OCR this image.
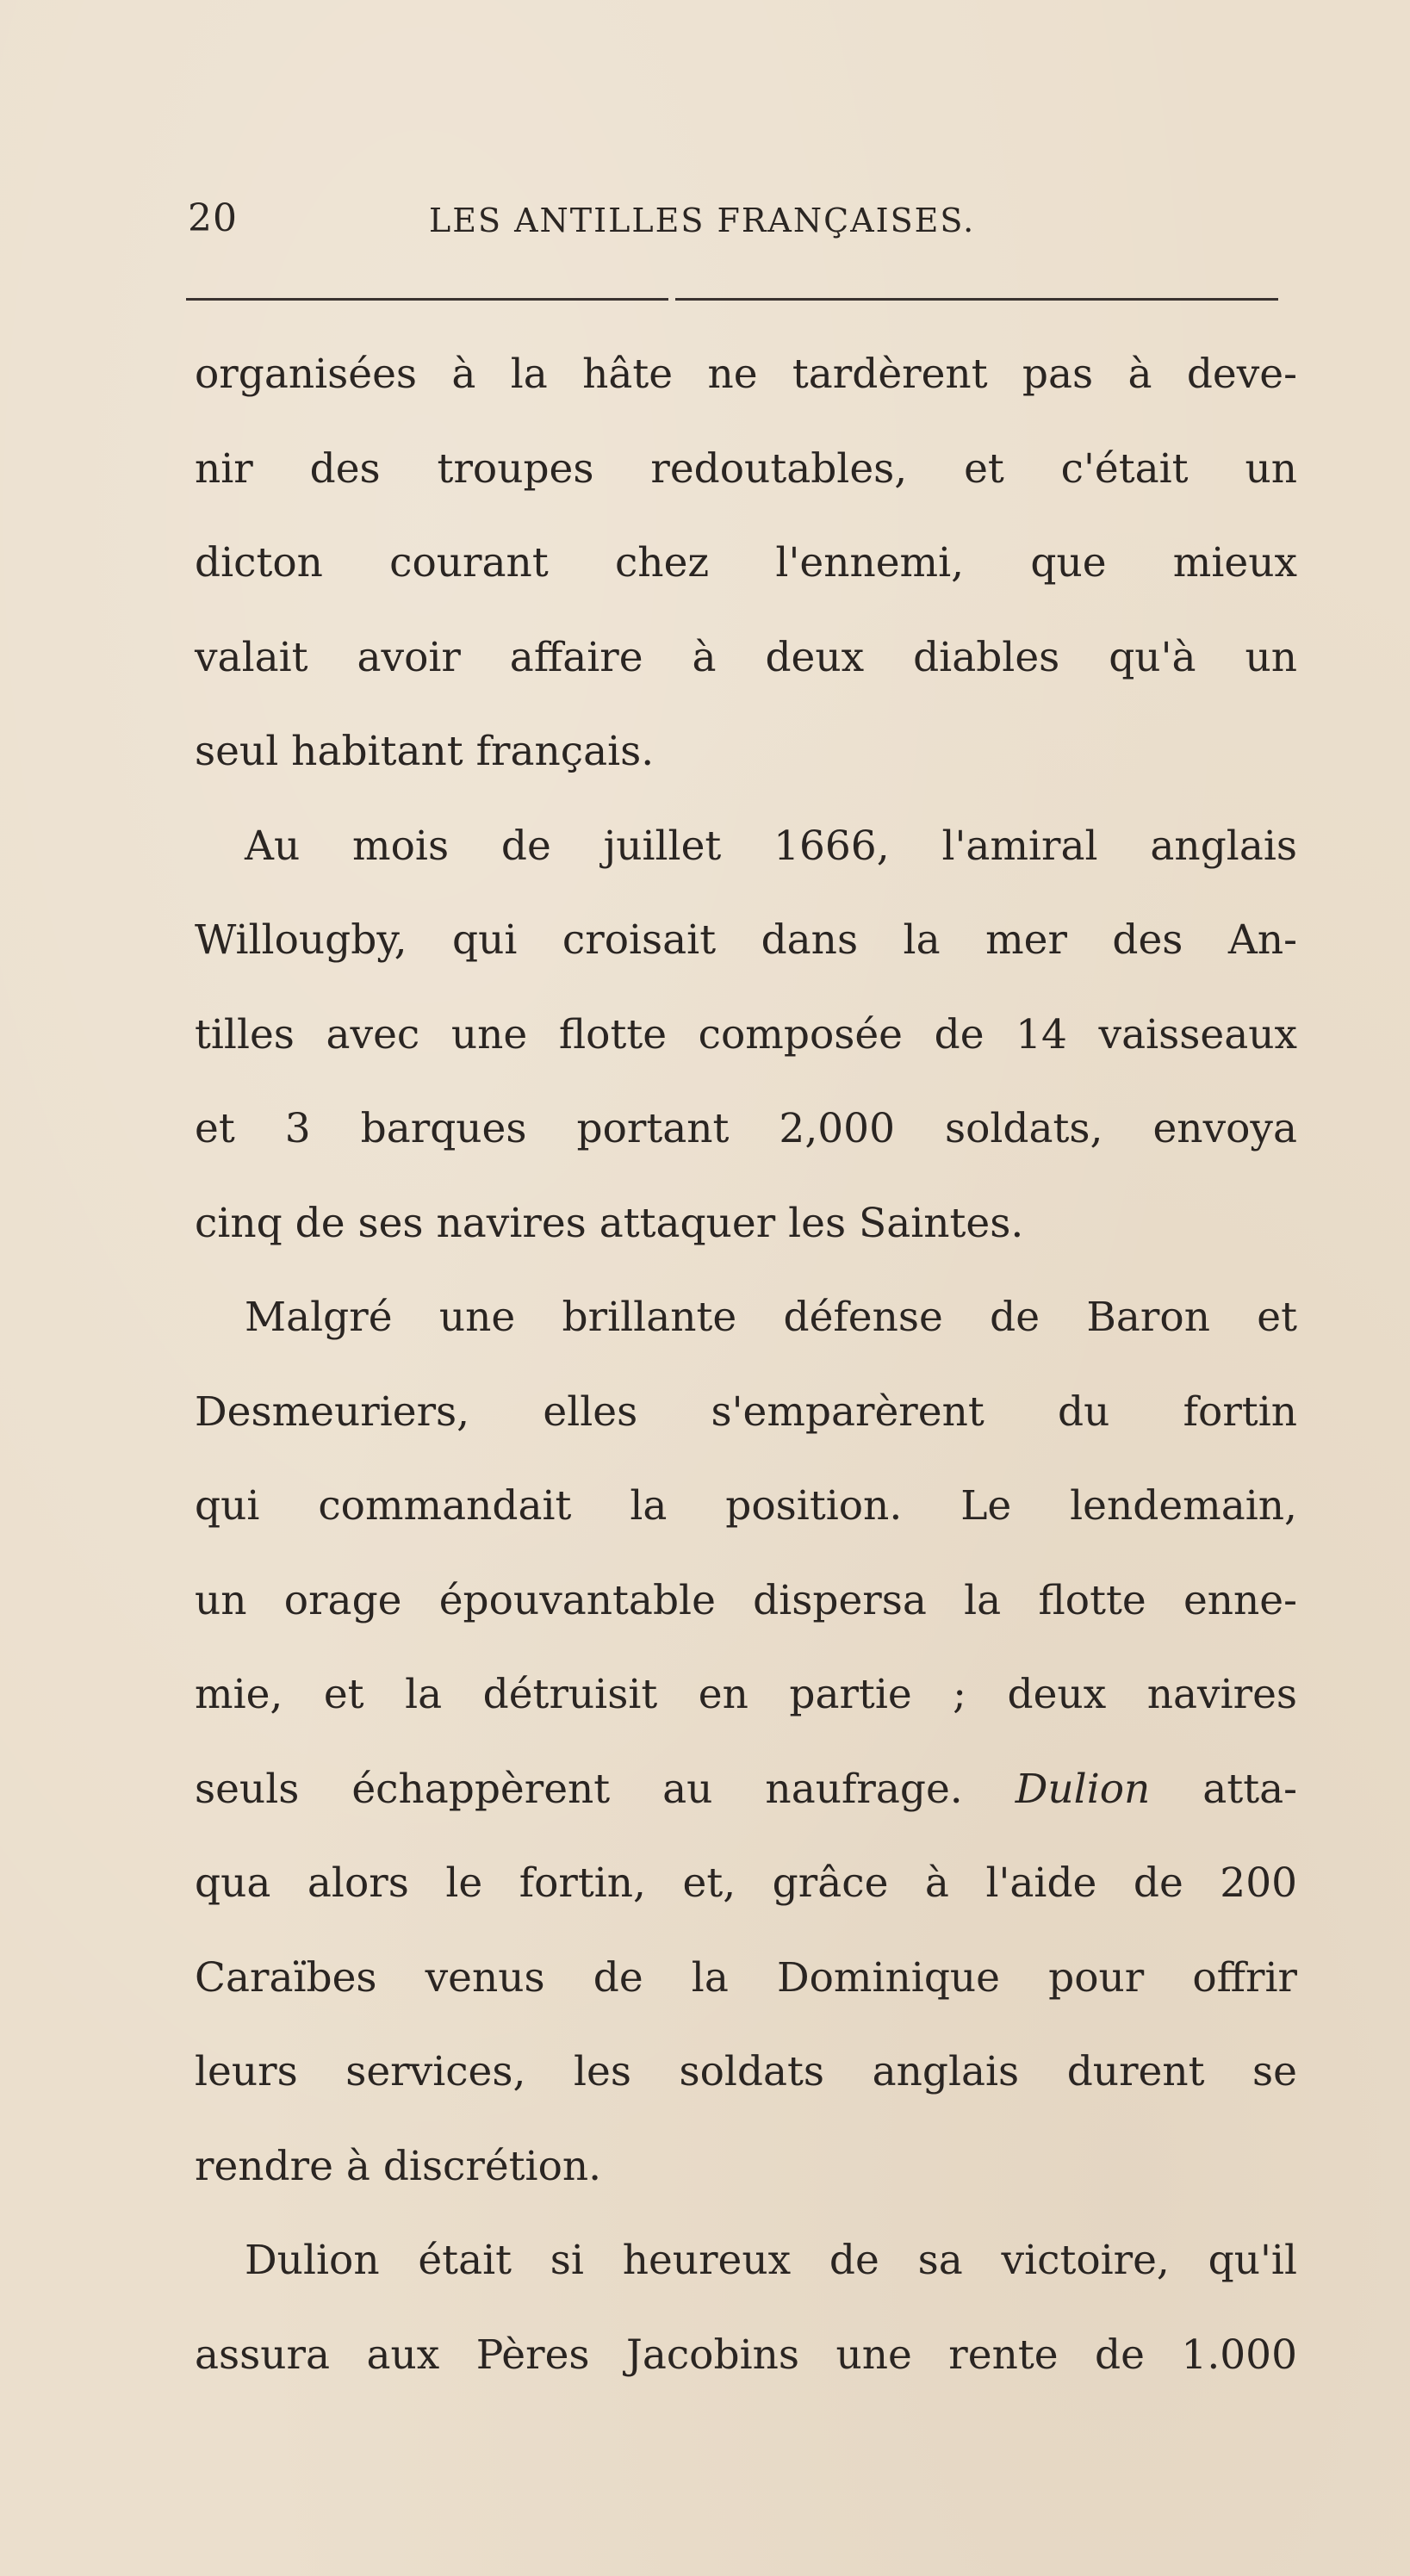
20	LES ANTILLES FRANÇAISES.
organisées à la hâte ne tardèrent pas à deve-
nir des troupes redoutables, et c'était un
dicton courant chez l'ennemi, que mieux
valait avoir affaire à deux diables qu'à un
seul habitant français.
Au mois de juillet 1666, l'amiral anglais
Willougby, qui croisait dans la mer des An-
tilles avec une flotte composée de 14 vaisseaux
et 3 barques portant 2,000 soldats, envoya
cinq de ses navires attaquer les Saintes.
Malgré une brillante défense de Baron et
Desmeuriers, elles s'emparèrent du fortin
qui commandait la position. Le lendemain,
un orage épouvantable dispersa la flotte enne-
mie, et la détruisit en partie ; deux navires
seuls échappèrent au naufrage. Dulion atta-
qua alors le fortin, et, grâce à l'aide de 200
Caraïbes venus de la Dominique pour offrir
leurs services, les soldats anglais durent se
rendre à discrétion.
Dulion était si heureux de sa victoire, qu'il
assura aux Pères Jacobins une rente de 1.000
